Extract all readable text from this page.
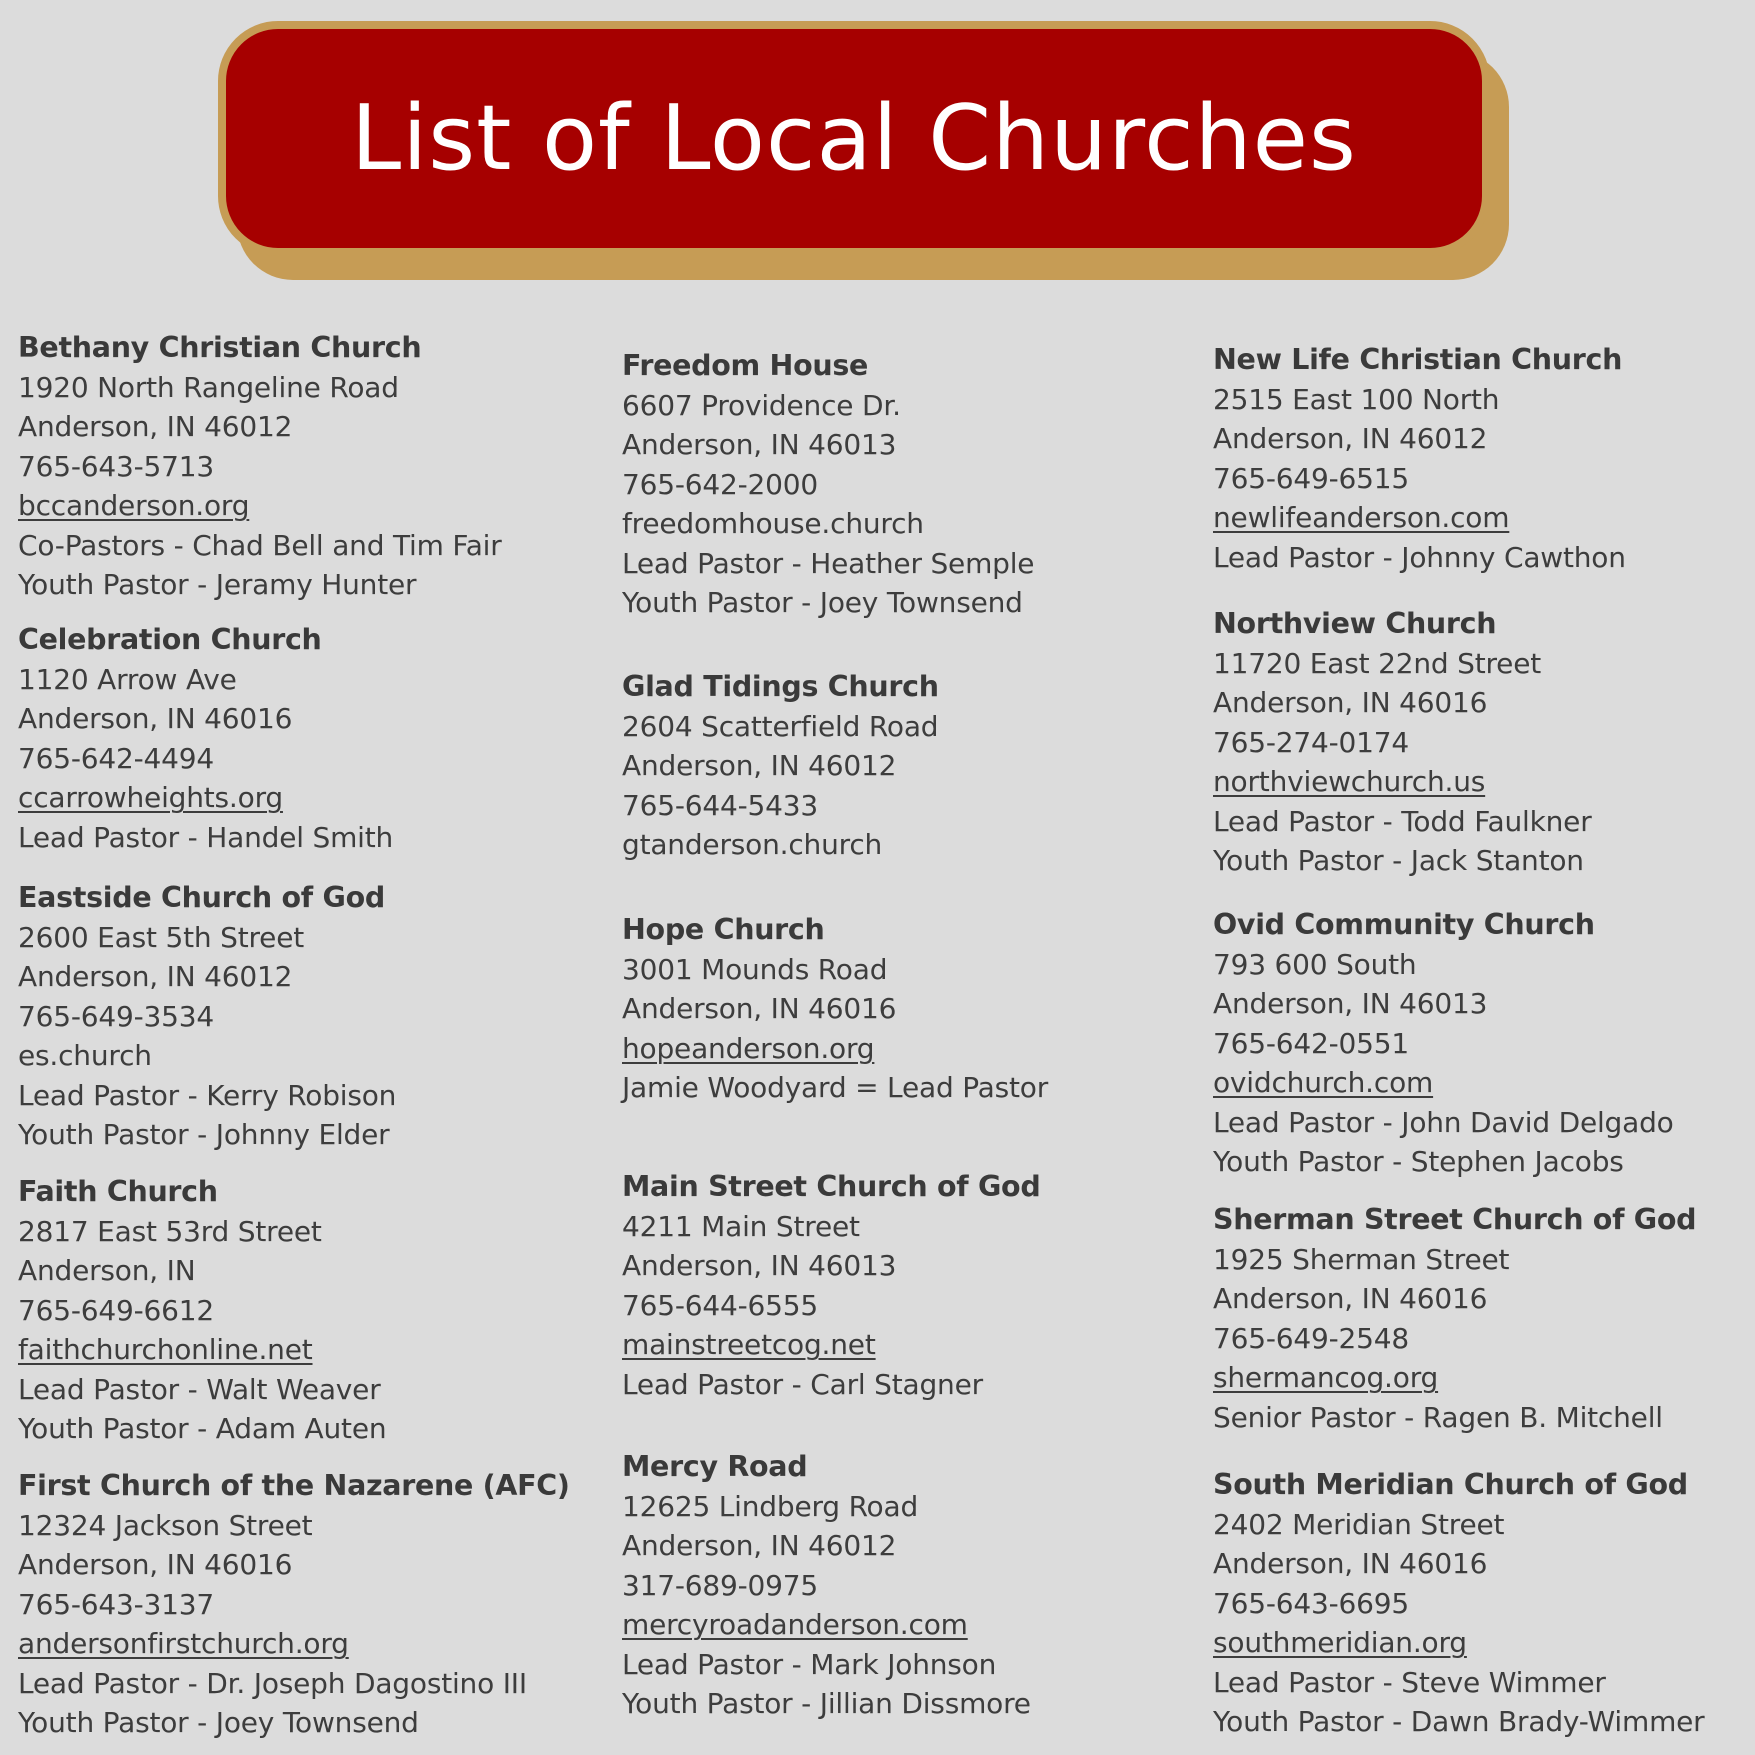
List of Local Churches
Bethany Christian Church
1920 North Rangeline Road
Anderson, IN 46012
765-643-5713
bccanderson.org
Co-Pastors - Chad Bell and Tim Fair
Youth Pastor - Jeramy Hunter
Celebration Church
1120 Arrow Ave
Anderson, IN 46016
765-642-4494
ccarrowheights.org
Lead Pastor - Handel Smith
Eastside Church of God
2600 East 5th Street
Anderson, IN 46012
765-649-3534
es.church
Lead Pastor - Kerry Robison
Youth Pastor - Johnny Elder
Faith Church
2817 East 53rd Street
Anderson, IN
765-649-6612
faithchurchonline.net
Lead Pastor - Walt Weaver
Youth Pastor - Adam Auten
First Church of the Nazarene (AFC)
12324 Jackson Street
Anderson, IN 46016
765-643-3137
andersonfirstchurch.org
Lead Pastor - Dr. Joseph Dagostino III
Youth Pastor - Joey Townsend
Freedom House
6607 Providence Dr.
Anderson, IN 46013
765-642-2000
freedomhouse.church
Lead Pastor - Heather Semple
Youth Pastor - Joey Townsend
Glad Tidings Church
2604 Scatterfield Road
Anderson, IN 46012
765-644-5433
gtanderson.church
Hope Church
3001 Mounds Road
Anderson, IN 46016
hopeanderson.org
Jamie Woodyard = Lead Pastor
Main Street Church of God
4211 Main Street
Anderson, IN 46013
765-644-6555
mainstreetcog.net
Lead Pastor - Carl Stagner
Mercy Road
12625 Lindberg Road
Anderson, IN 46012
317-689-0975
mercyroadanderson.com
Lead Pastor - Mark Johnson
Youth Pastor - Jillian Dissmore
New Life Christian Church
2515 East 100 North
Anderson, IN 46012
765-649-6515
newlifeanderson.com
Lead Pastor - Johnny Cawthon
Northview Church
11720 East 22nd Street
Anderson, IN 46016
765-274-0174
northviewchurch.us
Lead Pastor - Todd Faulkner
Youth Pastor - Jack Stanton
Ovid Community Church
793 600 South
Anderson, IN 46013
765-642-0551
ovidchurch.com
Lead Pastor - John David Delgado
Youth Pastor - Stephen Jacobs
Sherman Street Church of God
1925 Sherman Street
Anderson, IN 46016
765-649-2548
shermancog.org
Senior Pastor - Ragen B. Mitchell
South Meridian Church of God
2402 Meridian Street
Anderson, IN 46016
765-643-6695
southmeridian.org
Lead Pastor - Steve Wimmer
Youth Pastor - Dawn Brady-Wimmer
